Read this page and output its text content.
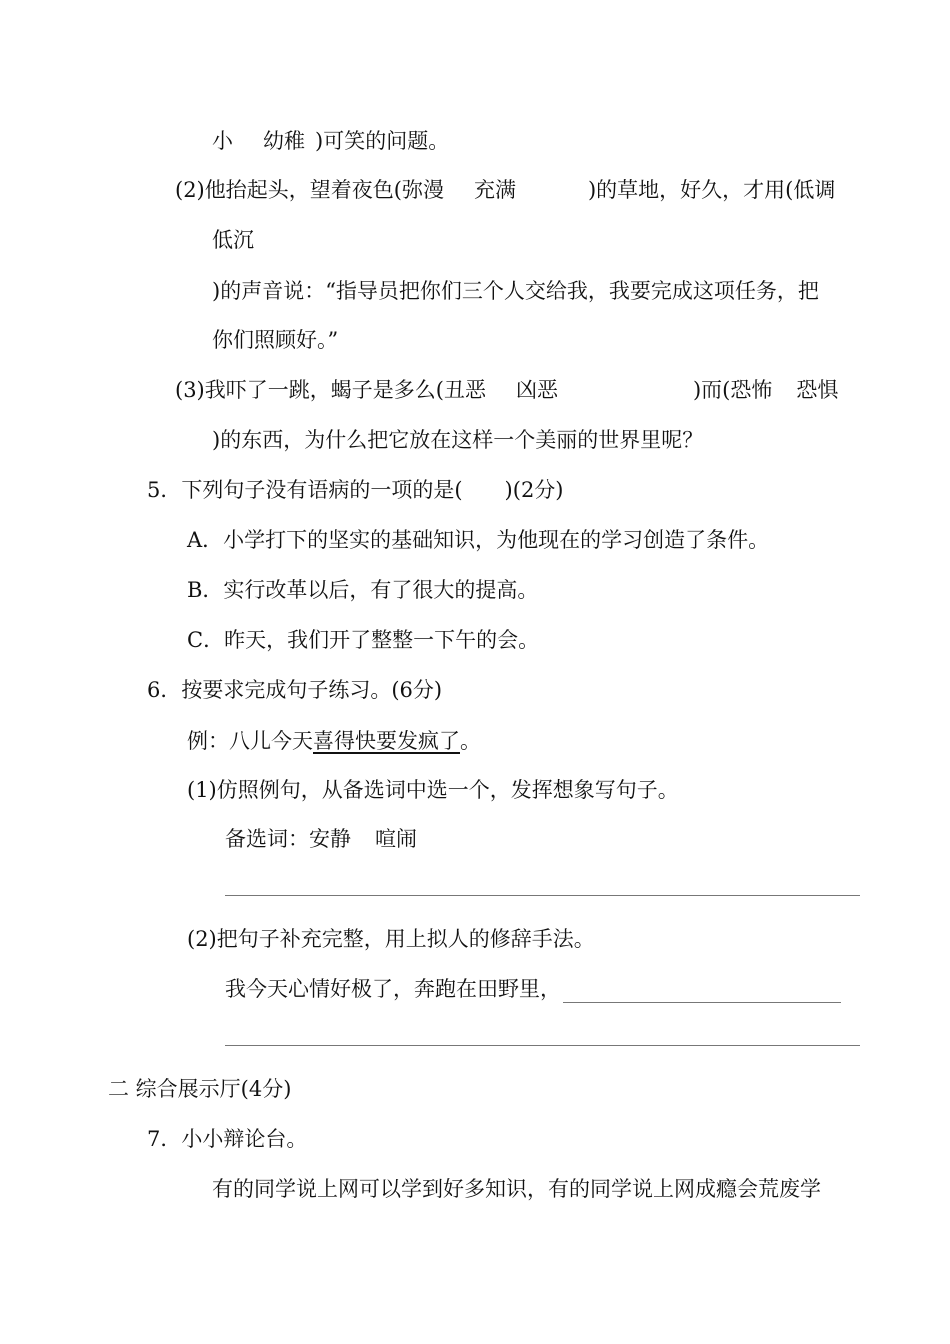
小 幼稚 )可笑的问题。
(2)他抬起头，望着夜色(弥漫 充满	)的草地，好久，才用(低调
低沉
)的声音说：“指导员把你们三个人交给我，我要完成这项任务，把
你们照顾好。”
(3)我吓了一跳，蝎子是多么(丑恶 凶恶	)而(恐怖 恐惧
)的东西，为什么把它放在这样一个美丽的世界里呢？
5．下列句子没有语病的一项的是(　　)(2分)
A．小学打下的坚实的基础知识，为他现在的学习创造了条件。
B．实行改革以后，有了很大的提高。
C．昨天，我们开了整整一下午的会。
6．按要求完成句子练习。(6分)
例：八儿今天喜得快要发疯了。
(1)仿照例句，从备选词中选一个，发挥想象写句子。
备选词：安静 喧闹
(2)把句子补充完整，用上拟人的修辞手法。
我今天心情好极了，奔跑在田野里，
二 综合展示厅(4分)
7．小小辩论台。
有的同学说上网可以学到好多知识，有的同学说上网成瘾会荒废学
